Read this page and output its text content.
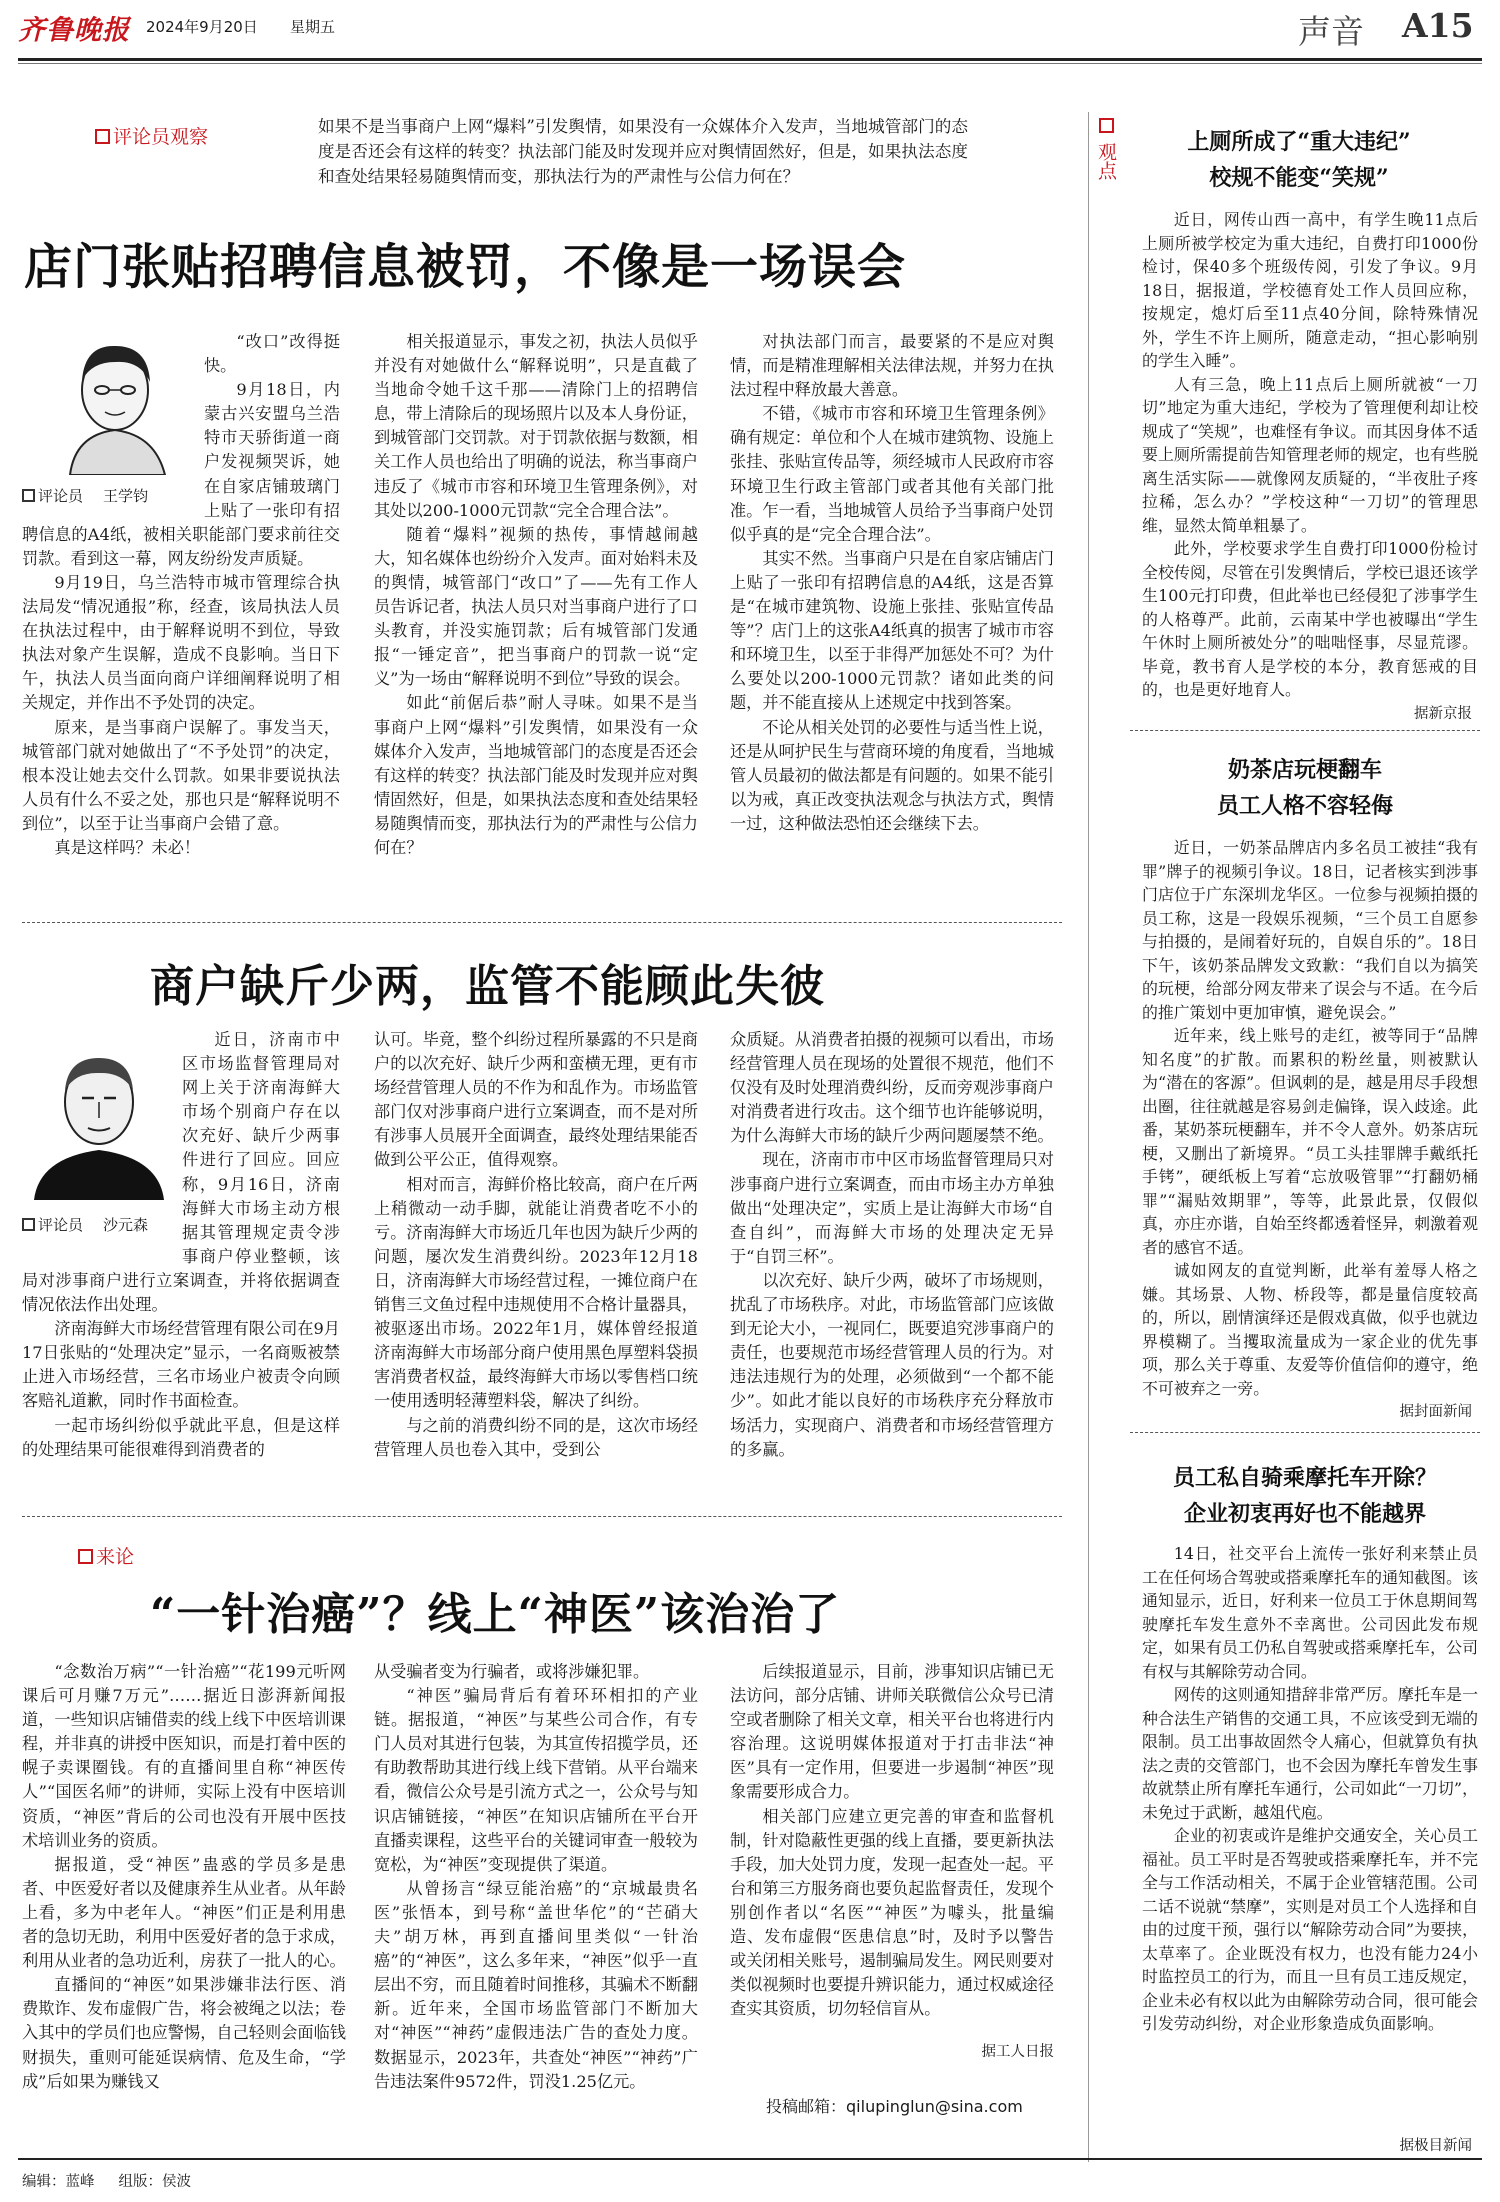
齐鲁晚报 2024年9月20日 星期五	声音 A15
评论员观察	如果不是当事商户上网“爆料”引发舆情，如果没有一众媒体介入发声，当地城管部门的态度是否还会有这样的转变？执法部门能及时发现并应对舆情固然好，但是，如果执法态度和查处结果轻易随舆情而变，那执法行为的严肃性与公信力何在？
店门张贴招聘信息被罚，不像是一场误会
评论员 王学钧

“改口”改得挺快。

9月18日，内蒙古兴安盟乌兰浩特市天骄街道一商户发视频哭诉，她在自家店铺玻璃门上贴了一张印有招聘信息的A4纸，被相关职能部门要求前往交罚款。看到这一幕，网友纷纷发声质疑。

9月19日，乌兰浩特市城市管理综合执法局发“情况通报”称，经查，该局执法人员在执法过程中，由于解释说明不到位，导致执法对象产生误解，造成不良影响。当日下午，执法人员当面向商户详细阐释说明了相关规定，并作出不予处罚的决定。

原来，是当事商户误解了。事发当天，城管部门就对她做出了“不予处罚”的决定，根本没让她去交什么罚款。如果非要说执法人员有什么不妥之处，那也只是“解释说明不到位”，以至于让当事商户会错了意。

真是这样吗？未必！

相关报道显示，事发之初，执法人员似乎并没有对她做什么“解释说明”，只是直截了当地命令她千这千那——清除门上的招聘信息，带上清除后的现场照片以及本人身份证，到城管部门交罚款。对于罚款依据与数额，相关工作人员也给出了明确的说法，称当事商户违反了《城市市容和环境卫生管理条例》，对其处以200-1000元罚款“完全合理合法”。

随着“爆料”视频的热传，事情越闹越大，知名媒体也纷纷介入发声。面对始料未及的舆情，城管部门“改口”了——先有工作人员告诉记者，执法人员只对当事商户进行了口头教育，并没实施罚款；后有城管部门发通报“一锤定音”，把当事商户的罚款一说“定义”为一场由“解释说明不到位”导致的误会。

如此“前倨后恭”耐人寻味。如果不是当事商户上网“爆料”引发舆情，如果没有一众媒体介入发声，当地城管部门的态度是否还会有这样的转变？执法部门能及时发现并应对舆情固然好，但是，如果执法态度和查处结果轻易随舆情而变，那执法行为的严肃性与公信力何在？

对执法部门而言，最要紧的不是应对舆情，而是精准理解相关法律法规，并努力在执法过程中释放最大善意。

不错，《城市市容和环境卫生管理条例》确有规定：单位和个人在城市建筑物、设施上张挂、张贴宣传品等，须经城市人民政府市容环境卫生行政主管部门或者其他有关部门批准。乍一看，当地城管人员给予当事商户处罚似乎真的是“完全合理合法”。

其实不然。当事商户只是在自家店铺店门上贴了一张印有招聘信息的A4纸，这是否算是“在城市建筑物、设施上张挂、张贴宣传品等”？店门上的这张A4纸真的损害了城市市容和环境卫生，以至于非得严加惩处不可？为什么要处以200-1000元罚款？诸如此类的问题，并不能直接从上述规定中找到答案。

不论从相关处罚的必要性与适当性上说，还是从呵护民生与营商环境的角度看，当地城管人员最初的做法都是有问题的。如果不能引以为戒，真正改变执法观念与执法方式，舆情一过，这种做法恐怕还会继续下去。

商户缺斤少两，监管不能顾此失彼
评论员 沙元森

近日，济南市中区市场监督管理局对网上关于济南海鲜大市场个别商户存在以次充好、缺斤少两事件进行了回应。回应称，9月16日，济南海鲜大市场主动方根据其管理规定责令涉事商户停业整顿，该局对涉事商户进行立案调查，并将依据调查情况依法作出处理。

济南海鲜大市场经营管理有限公司在9月17日张贴的“处理决定”显示，一名商贩被禁止进入市场经营，三名市场业户被责令向顾客赔礼道歉，同时作书面检查。

一起市场纠纷似乎就此平息，但是这样的处理结果可能很难得到消费者的

认可。毕竟，整个纠纷过程所暴露的不只是商户的以次充好、缺斤少两和蛮横无理，更有市场经营管理人员的不作为和乱作为。市场监管部门仅对涉事商户进行立案调查，而不是对所有涉事人员展开全面调查，最终处理结果能否做到公平公正，值得观察。

相对而言，海鲜价格比较高，商户在斤两上稍微动一动手脚，就能让消费者吃不小的亏。济南海鲜大市场近几年也因为缺斤少两的问题，屡次发生消费纠纷。2023年12月18日，济南海鲜大市场经营过程，一摊位商户在销售三文鱼过程中违规使用不合格计量器具，被驱逐出市场。2022年1月，媒体曾经报道济南海鲜大市场部分商户使用黑色厚塑料袋损害消费者权益，最终海鲜大市场以零售档口统一使用透明轻薄塑料袋，解决了纠纷。

与之前的消费纠纷不同的是，这次市场经营管理人员也卷入其中，受到公

众质疑。从消费者拍摄的视频可以看出，市场经营管理人员在现场的处置很不规范，他们不仅没有及时处理消费纠纷，反而旁观涉事商户对消费者进行攻击。这个细节也许能够说明，为什么海鲜大市场的缺斤少两问题屡禁不绝。

现在，济南市市中区市场监督管理局只对涉事商户进行立案调查，而由市场主办方单独做出“处理决定”，实质上是让海鲜大市场“自查自纠”，而海鲜大市场的处理决定无异于“自罚三杯”。

以次充好、缺斤少两，破坏了市场规则，扰乱了市场秩序。对此，市场监管部门应该做到无论大小，一视同仁，既要追究涉事商户的责任，也要规范市场经营管理人员的行为。对违法违规行为的处理，必须做到“一个都不能少”。如此才能以良好的市场秩序充分释放市场活力，实现商户、消费者和市场经营管理方的多赢。

来论
“一针治癌”？线上“神医”该治治了

“念数治万病”“一针治癌”“花199元听网课后可月赚7万元”……据近日澎湃新闻报道，一些知识店铺借卖的线上线下中医培训课程，并非真的讲授中医知识，而是打着中医的幌子卖课圈钱。有的直播间里自称“神医传人”“国医名师”的讲师，实际上没有中医培训资质，“神医”背后的公司也没有开展中医技术培训业务的资质。

据报道，受“神医”蛊惑的学员多是患者、中医爱好者以及健康养生从业者。从年龄上看，多为中老年人。“神医”们正是利用患者的急切无助，利用中医爱好者的急于求成，利用从业者的急功近利，房获了一批人的心。

直播间的“神医”如果涉嫌非法行医、消费欺诈、发布虚假广告，将会被绳之以法；卷入其中的学员们也应警惕，自己轻则会面临钱财损失，重则可能延误病情、危及生命，“学成”后如果为赚钱又

从受骗者变为行骗者，或将涉嫌犯罪。

“神医”骗局背后有着环环相扣的产业链。据报道，“神医”与某些公司合作，有专门人员对其进行包装，为其宣传招揽学员，还有助教帮助其进行线上线下营销。从平台端来看，微信公众号是引流方式之一，公众号与知识店铺链接，“神医”在知识店铺所在平台开直播卖课程，这些平台的关键词审查一般较为宽松，为“神医”变现提供了渠道。

从曾扬言“绿豆能治癌”的“京城最贵名医”张悟本，到号称“盖世华佗”的“芒硝大夫”胡万林，再到直播间里类似“一针治癌”的“神医”，这么多年来，“神医”似乎一直层出不穷，而且随着时间推移，其骗术不断翻新。近年来，全国市场监管部门不断加大对“神医”“神药”虚假违法广告的查处力度。数据显示，2023年，共查处“神医”“神药”广告违法案件9572件，罚没1.25亿元。

后续报道显示，目前，涉事知识店铺已无法访问，部分店铺、讲师关联微信公众号已清空或者删除了相关文章，相关平台也将进行内容治理。这说明媒体报道对于打击非法“神医”具有一定作用，但要进一步遏制“神医”现象需要形成合力。

相关部门应建立更完善的审查和监督机制，针对隐蔽性更强的线上直播，要更新执法手段，加大处罚力度，发现一起查处一起。平台和第三方服务商也要负起监督责任，发现个别创作者以“名医”“神医”为噱头，批量编造、发布虚假“医患信息”时，及时予以警告或关闭相关账号，遏制骗局发生。网民则要对类似视频时也要提升辨识能力，通过权威途径查实其资质，切勿轻信盲从。

据工人日报
投稿邮箱：qilupinglun@sina.com
观点	上厕所成了“重大违纪”
校规不能变“笑规”

近日，网传山西一高中，有学生晚11点后上厕所被学校定为重大违纪，自费打印1000份检讨，保40多个班级传阅，引发了争议。9月18日，据报道，学校德育处工作人员回应称，按规定，熄灯后至11点40分间，除特殊情况外，学生不许上厕所，随意走动，“担心影响别的学生入睡”。

人有三急，晚上11点后上厕所就被“一刀切”地定为重大违纪，学校为了管理便利却让校规成了“笑规”，也难怪有争议。而其因身体不适要上厕所需提前告知管理老师的规定，也有些脱离生活实际——就像网友质疑的，“半夜肚子疼拉稀，怎么办？”学校这种“一刀切”的管理思维，显然太简单粗暴了。

此外，学校要求学生自费打印1000份检讨全校传阅，尽管在引发舆情后，学校已退还该学生100元打印费，但此举也已经侵犯了涉事学生的人格尊严。此前，云南某中学也被曝出“学生午休时上厕所被处分”的咄咄怪事，尽显荒谬。毕竟，教书育人是学校的本分，教育惩戒的目的，也是更好地育人。

据新京报
奶茶店玩梗翻车
员工人格不容轻侮

近日，一奶茶品牌店内多名员工被挂“我有罪”牌子的视频引争议。18日，记者核实到涉事门店位于广东深圳龙华区。一位参与视频拍摄的员工称，这是一段娱乐视频，“三个员工自愿参与拍摄的，是闹着好玩的，自娱自乐的”。18日下午，该奶茶品牌发文致歉：“我们自以为搞笑的玩梗，给部分网友带来了误会与不适。在今后的推广策划中更加审慎，避免误会。”

近年来，线上账号的走红，被等同于“品牌知名度”的扩散。而累积的粉丝量，则被默认为“潜在的客源”。但讽刺的是，越是用尽手段想出圈，往往就越是容易剑走偏锋，误入歧途。此番，某奶茶玩梗翻车，并不令人意外。奶茶店玩梗，又删出了新境界。“员工头挂罪牌手戴纸托手铐”，硬纸板上写着“忘放吸管罪”“打翻奶桶罪”“漏贴效期罪”，等等，此景此景，仅假似真，亦庄亦谐，自始至终都透着怪异，刺激着观者的感官不适。

诚如网友的直觉判断，此举有羞辱人格之嫌。其场景、人物、桥段等，都是量信度较高的，所以，剧情演绎还是假戏真做，似乎也就边界模糊了。当攫取流量成为一家企业的优先事项，那么关于尊重、友爱等价值信仰的遵守，绝不可被弃之一旁。

据封面新闻
员工私自骑乘摩托车开除？
企业初衷再好也不能越界

14日，社交平台上流传一张好利来禁止员工在任何场合驾驶或搭乘摩托车的通知截图。该通知显示，近日，好利来一位员工于休息期间驾驶摩托车发生意外不幸离世。公司因此发布规定，如果有员工仍私自驾驶或搭乘摩托车，公司有权与其解除劳动合同。

网传的这则通知措辞非常严厉。摩托车是一种合法生产销售的交通工具，不应该受到无端的限制。员工出事故固然令人痛心，但就算负有执法之责的交管部门，也不会因为摩托车曾发生事故就禁止所有摩托车通行，公司如此“一刀切”，未免过于武断，越俎代庖。

企业的初衷或许是维护交通安全，关心员工福祉。员工平时是否驾驶或搭乘摩托车，并不完全与工作活动相关，不属于企业管辖范围。公司二话不说就“禁摩”，实则是对员工个人选择和自由的过度干预，强行以“解除劳动合同”为要挟，太草率了。企业既没有权力，也没有能力24小时监控员工的行为，而且一旦有员工违反规定，企业未必有权以此为由解除劳动合同，很可能会引发劳动纠纷，对企业形象造成负面影响。

据极目新闻
编辑：蓝峰 组版：侯波
